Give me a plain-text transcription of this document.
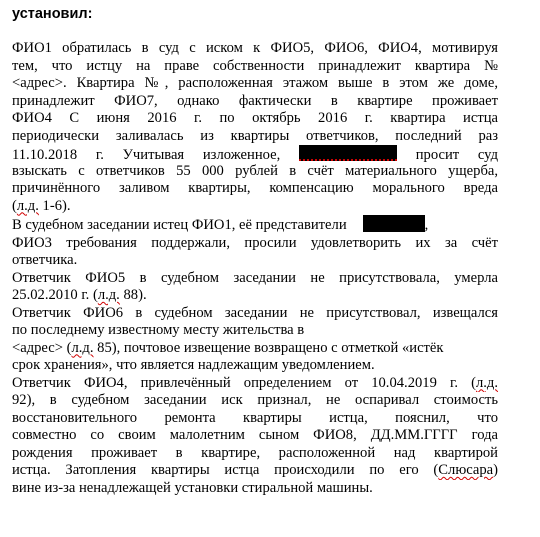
установил:
ФИО1 обратилась в суд с иском к ФИО5, ФИО6, ФИО4, мотивируя
тем, что истцу на праве собственности принадлежит квартира №
<адрес>. Квартира №, расположенная этажом выше в этом же доме,
принадлежит ФИО7, однако фактически в квартире проживает
ФИО4 С июня 2016 г. по октябрь 2016 г. квартира истца
периодически заливалась из квартиры ответчиков, последний раз
11.10.2018 г. Учитывая изложенное,	просит суд
взыскать с ответчиков 55 000 рублей в счёт материального ущерба,
причинённого заливом квартиры, компенсацию морального вреда
(л.д. 1-6).
В судебном заседании истец ФИО1, её представители	,
ФИО3 требования поддержали, просили удовлетворить их за счёт
ответчика.
Ответчик ФИО5 в судебном заседании не присутствовала, умерла
25.02.2010 г. (л.д. 88).
Ответчик ФИО6 в судебном заседании не присутствовал, извещался
по последнему известному месту жительства в
<адрес> (л.д. 85), почтовое извещение возвращено с отметкой «истёк
срок хранения», что является надлежащим уведомлением.
Ответчик ФИО4, привлечённый определением от 10.04.2019 г. (л.д.
92), в судебном заседании иск признал, не оспаривал стоимость
восстановительного ремонта квартиры истца, пояснил, что
совместно со своим малолетним сыном ФИО8, ДД.ММ.ГГГГ года
рождения проживает в квартире, расположенной над квартирой
истца. Затопления квартиры истца происходили по его (Слюсара)
вине из-за ненадлежащей установки стиральной машины.
